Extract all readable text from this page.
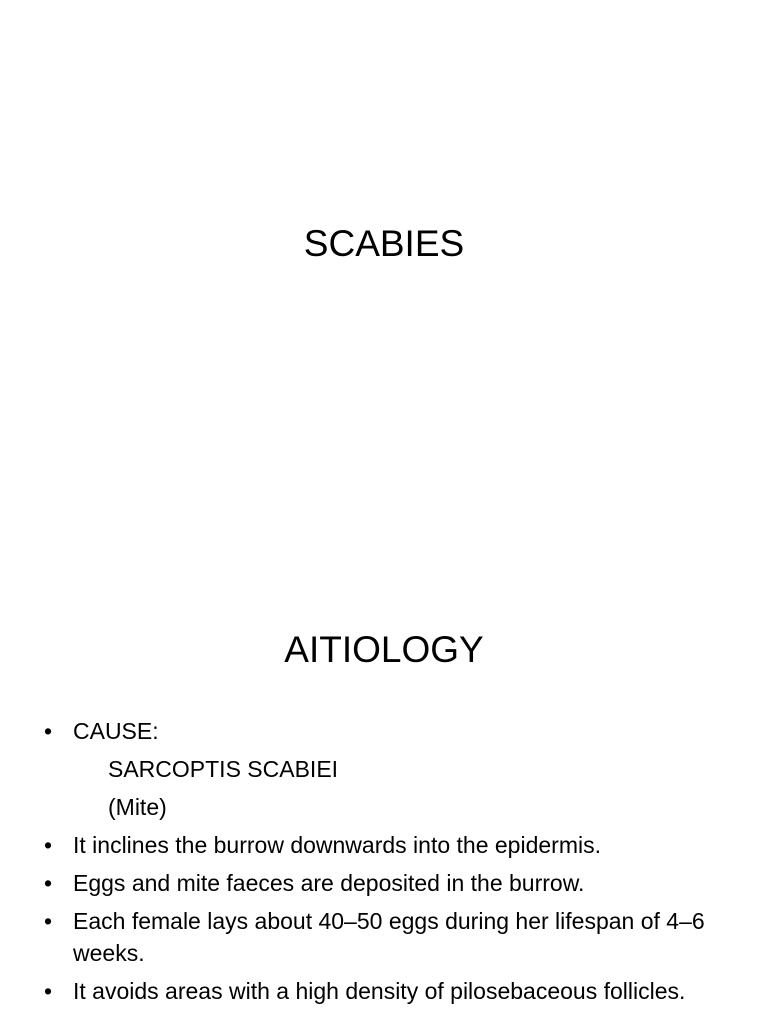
SCABIES
AITIOLOGY
• CAUSE:
SARCOPTIS SCABIEI
(Mite)
• It inclines the burrow downwards into the epidermis.
• Eggs and mite faeces are deposited in the burrow.
• Each female lays about 40–50 eggs during her lifespan of 4–6 weeks.
• It avoids areas with a high density of pilosebaceous follicles.
